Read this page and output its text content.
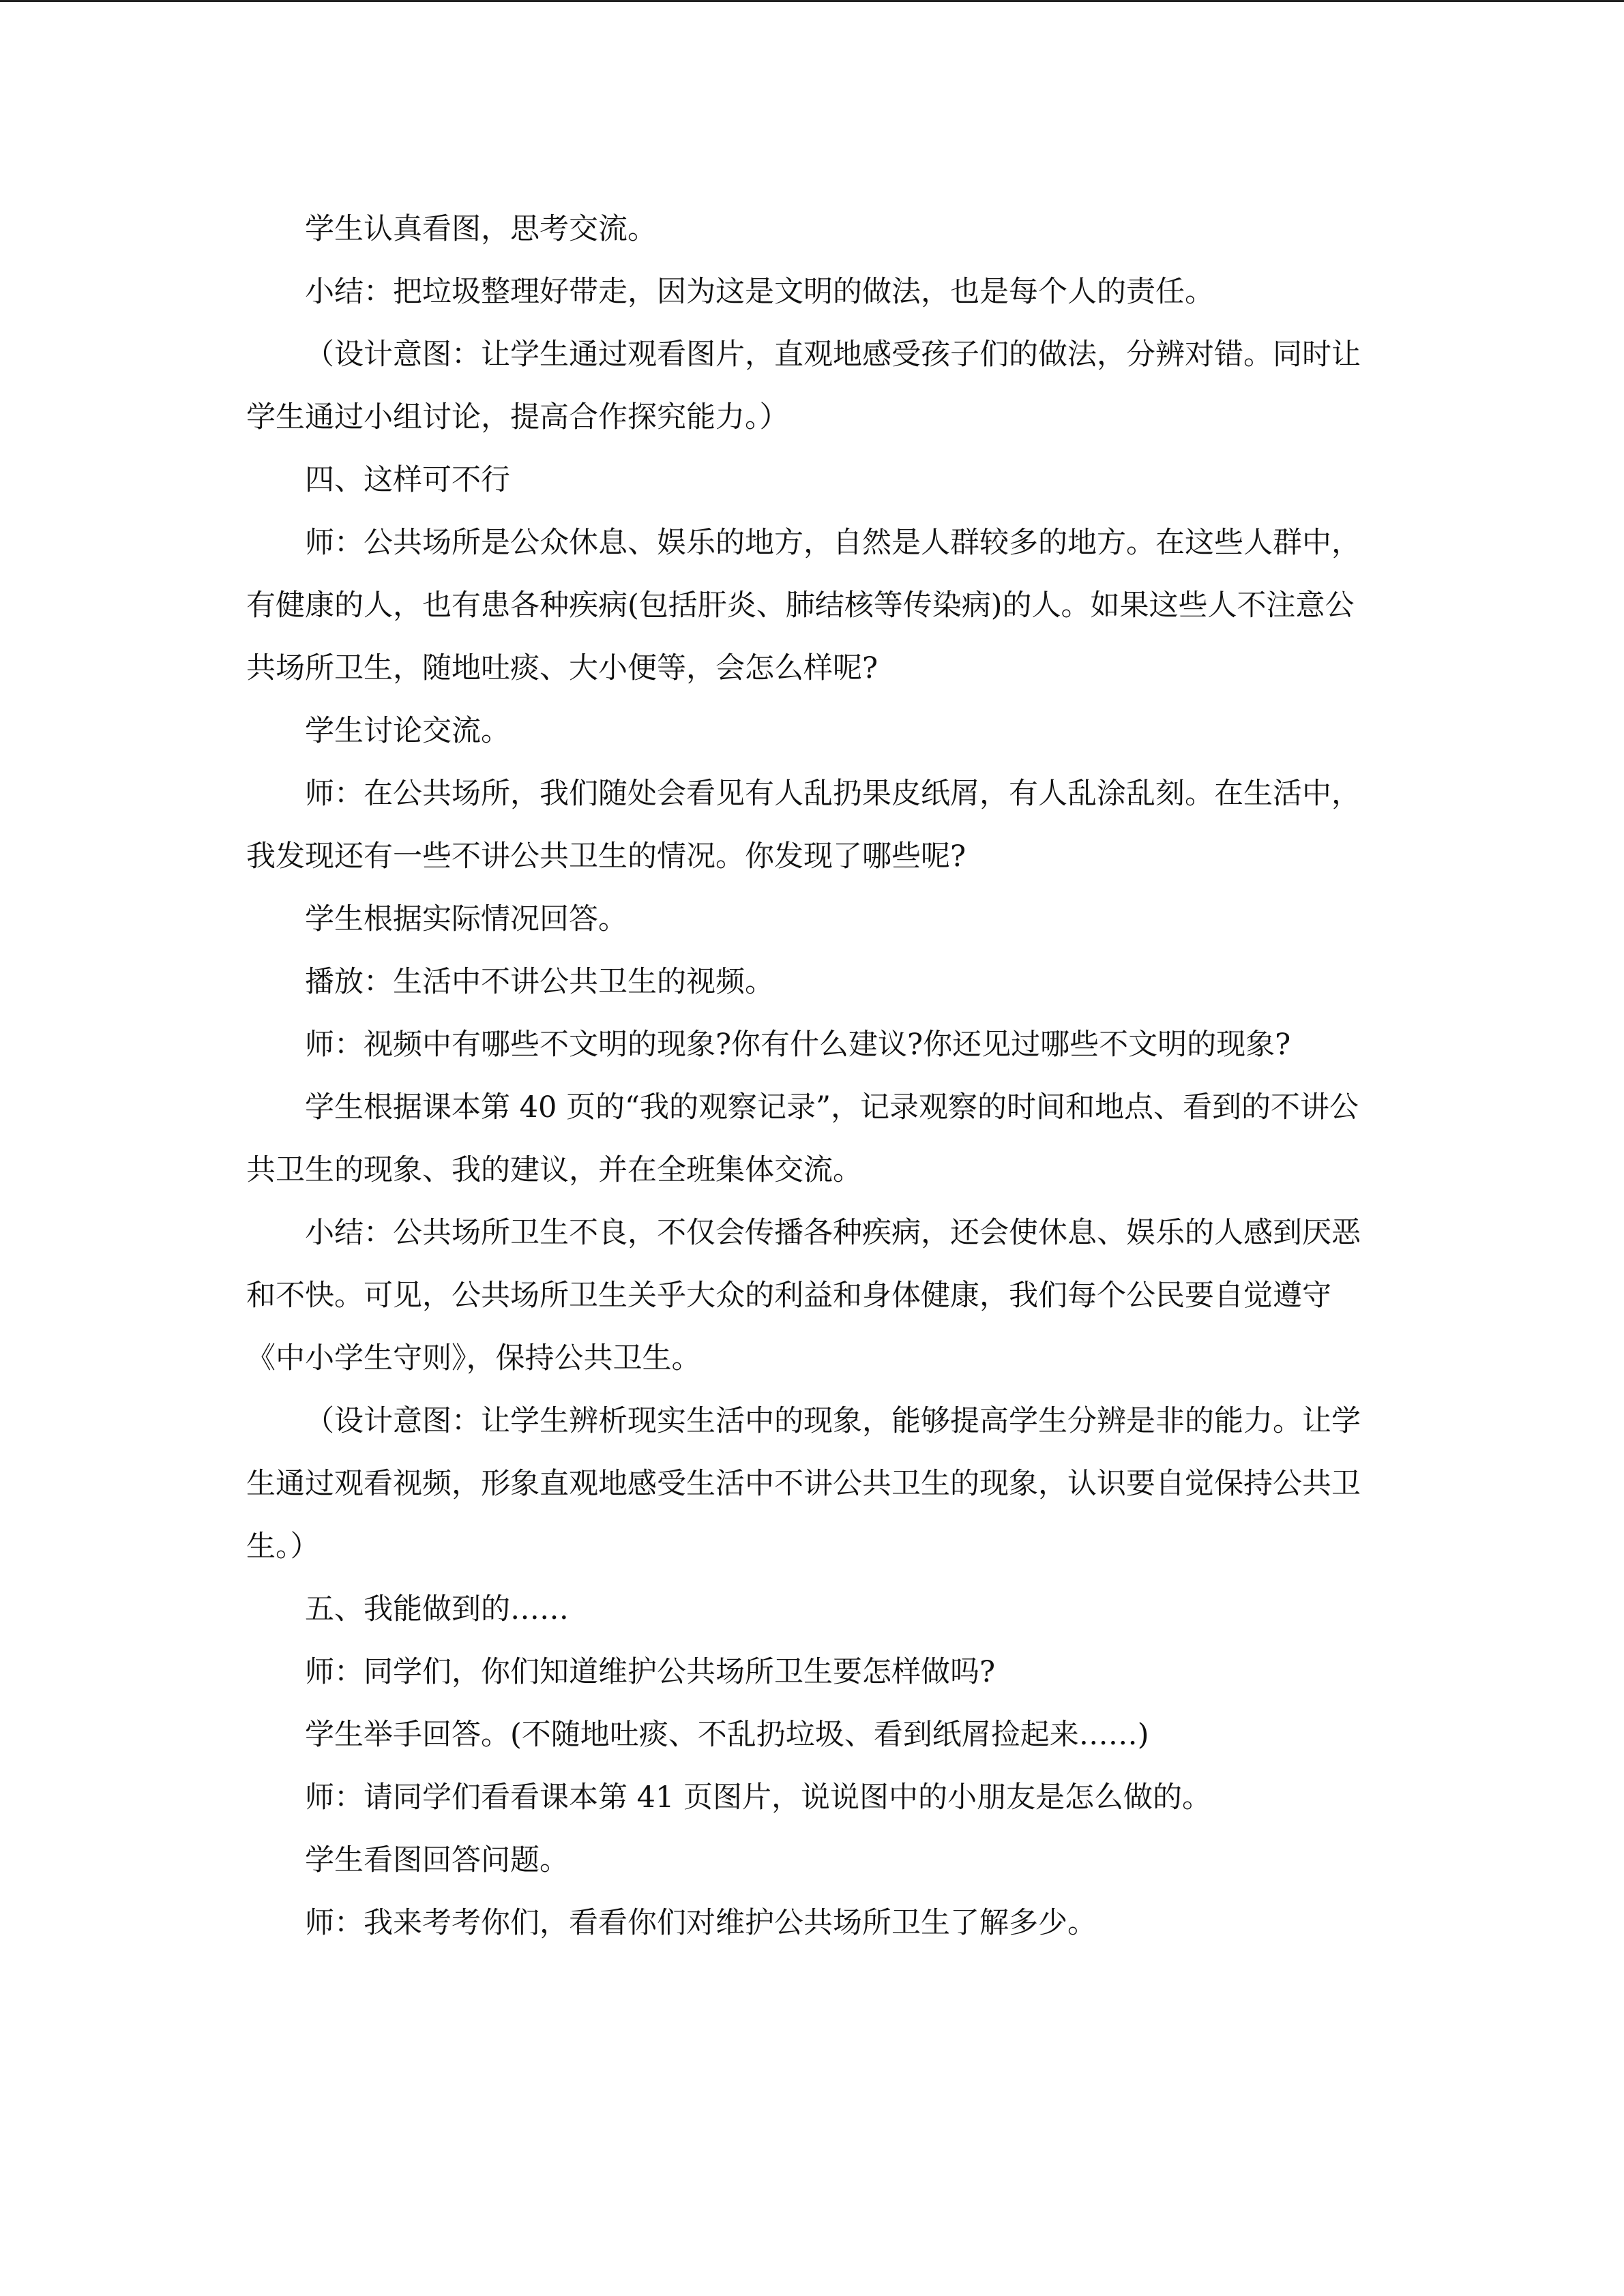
学生认真看图，思考交流。

小结：把垃圾整理好带走，因为这是文明的做法，也是每个人的责任。

（设计意图：让学生通过观看图片，直观地感受孩子们的做法，分辨对错。同时让学生通过小组讨论，提高合作探究能力。）

四、这样可不行

师：公共场所是公众休息、娱乐的地方，自然是人群较多的地方。在这些人群中，有健康的人，也有患各种疾病(包括肝炎、肺结核等传染病)的人。如果这些人不注意公共场所卫生，随地吐痰、大小便等，会怎么样呢?

学生讨论交流。

师：在公共场所，我们随处会看见有人乱扔果皮纸屑，有人乱涂乱刻。在生活中，我发现还有一些不讲公共卫生的情况。你发现了哪些呢?

学生根据实际情况回答。

播放：生活中不讲公共卫生的视频。

师：视频中有哪些不文明的现象?你有什么建议?你还见过哪些不文明的现象?

学生根据课本第 40 页的“我的观察记录”，记录观察的时间和地点、看到的不讲公共卫生的现象、我的建议，并在全班集体交流。

小结：公共场所卫生不良，不仅会传播各种疾病，还会使休息、娱乐的人感到厌恶和不快。可见，公共场所卫生关乎大众的利益和身体健康，我们每个公民要自觉遵守《中小学生守则》，保持公共卫生。

（设计意图：让学生辨析现实生活中的现象，能够提高学生分辨是非的能力。让学生通过观看视频，形象直观地感受生活中不讲公共卫生的现象，认识要自觉保持公共卫生。）

五、我能做到的……

师：同学们，你们知道维护公共场所卫生要怎样做吗?

学生举手回答。(不随地吐痰、不乱扔垃圾、看到纸屑捡起来……)

师：请同学们看看课本第 41 页图片，说说图中的小朋友是怎么做的。

学生看图回答问题。

师：我来考考你们，看看你们对维护公共场所卫生了解多少。
